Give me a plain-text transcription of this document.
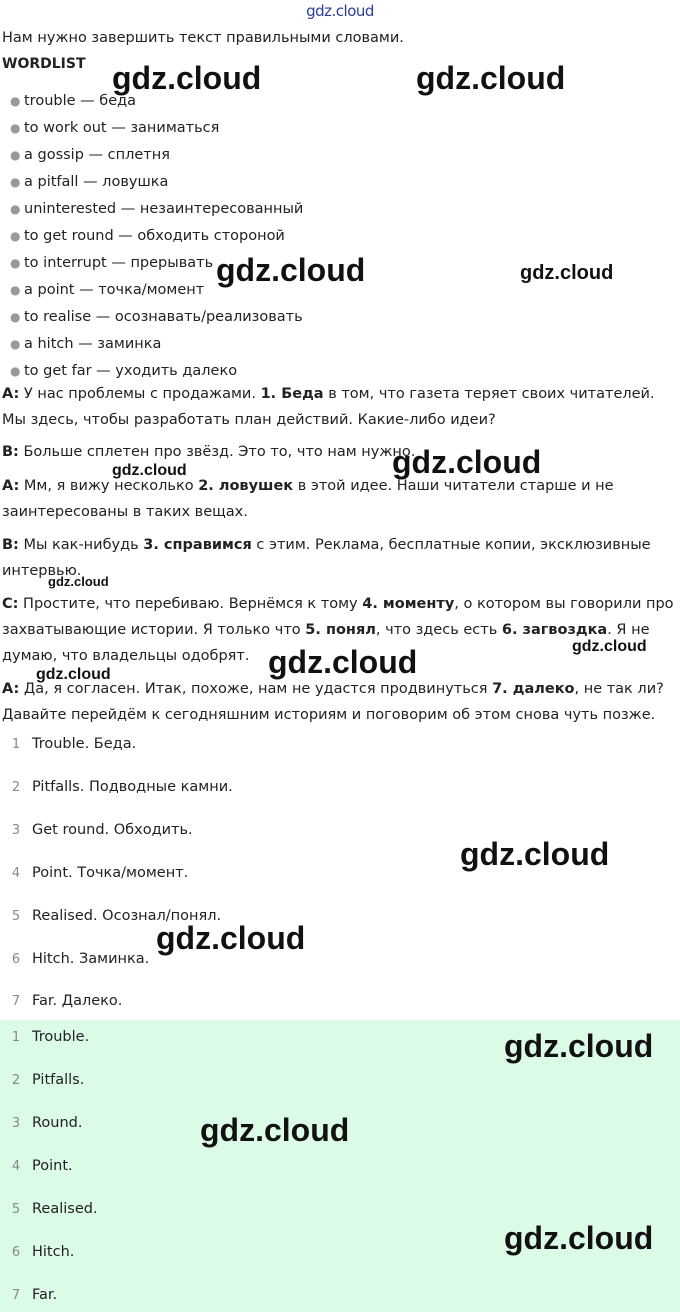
gdz.cloud
Нам нужно завершить текст правильными словами.
WORDLIST
● trouble — беда
● to work out — заниматься
● a gossip — сплетня
● a pitfall — ловушка
● uninterested — незаинтересованный
● to get round — обходить стороной
● to interrupt — прерывать
● a point — точка/момент
● to realise — осознавать/реализовать
● a hitch — заминка
● to get far — уходить далеко
A: У нас проблемы с продажами. 1. Беда в том, что газета теряет своих читателей. Мы здесь, чтобы разработать план действий. Какие-либо идеи?
B: Больше сплетен про звёзд. Это то, что нам нужно.
A: Мм, я вижу несколько 2. ловушек в этой идее. Наши читатели старше и не заинтересованы в таких вещах.
B: Мы как-нибудь 3. справимся с этим. Реклама, бесплатные копии, эксклюзивные интервью.
C: Простите, что перебиваю. Вернёмся к тому 4. моменту, о котором вы говорили про захватывающие истории. Я только что 5. понял, что здесь есть 6. загвоздка. Я не думаю, что владельцы одобрят.
A: Да, я согласен. Итак, похоже, нам не удастся продвинуться 7. далеко, не так ли? Давайте перейдём к сегодняшним историям и поговорим об этом снова чуть позже.
1 Trouble. Беда.
2 Pitfalls. Подводные камни.
3 Get round. Обходить.
4 Point. Точка/момент.
5 Realised. Осознал/понял.
6 Hitch. Заминка.
7 Far. Далеко.
1 Trouble.
2 Pitfalls.
3 Round.
4 Point.
5 Realised.
6 Hitch.
7 Far.
gdz.cloud	gdz.cloud
gdz.cloud	gdz.cloud
gdz.cloud	gdz.cloud
gdz.cloud
gdz.cloud	gdz.cloud
gdz.cloud
gdz.cloud
gdz.cloud
gdz.cloud
gdz.cloud
gdz.cloud
